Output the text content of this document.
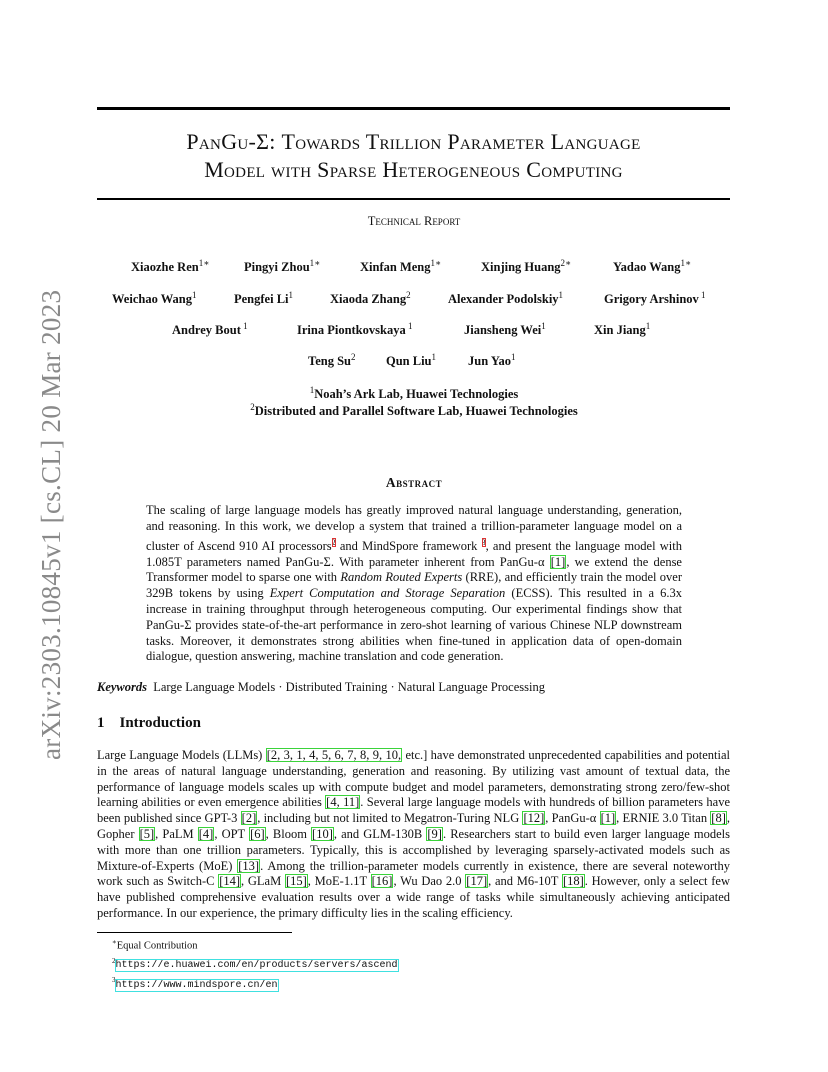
arXiv:2303.10845v1 [cs.CL] 20 Mar 2023
PanGu-Σ: Towards Trillion Parameter Language
Model with Sparse Heterogeneous Computing
Technical Report
Xiaozhe Ren$^{1∗}$	Pingyi Zhou$^{1∗}$	Xinfan Meng$^{1∗}$	Xinjing Huang$^{2∗}$	Yadao Wang$^{1∗}$
Weichao Wang$^1$	Pengfei Li$^1$	Xiaoda Zhang$^2$	Alexander Podolskiy$^1$	Grigory Arshinov $^1$
Andrey Bout $^1$	Irina Piontkovskaya $^1$	Jiansheng Wei$^1$	Xin Jiang$^1$
Teng Su$^2$ Qun Liu$^1$	Jun Yao$^1$
$^1$Noah’s Ark Lab, Huawei Technologies
$^2$Distributed and Parallel Software Lab, Huawei Technologies
Abstract
The scaling of large language models has greatly improved natural language understanding, generation, and reasoning. In this work, we develop a system that trained a trillion-parameter language model on a cluster of Ascend 910 AI processors$^2$ and MindSpore framework $^3$, and present the language model with 1.085T parameters named PanGu-Σ. With parameter inherent from PanGu-α [1], we extend the dense Transformer model to sparse one with Random Routed Experts (RRE), and efficiently train the model over 329B tokens by using Expert Computation and Storage Separation (ECSS). This resulted in a 6.3x increase in training throughput through heterogeneous computing. Our experimental findings show that PanGu-Σ provides state-of-the-art performance in zero-shot learning of various Chinese NLP downstream tasks. Moreover, it demonstrates strong abilities when fine-tuned in application data of open-domain dialogue, question answering, machine translation and code generation.
Keywords Large Language Models · Distributed Training · Natural Language Processing
1 Introduction
Large Language Models (LLMs) [2, 3, 1, 4, 5, 6, 7, 8, 9, 10, etc.] have demonstrated unprecedented capabilities and potential in the areas of natural language understanding, generation and reasoning. By utilizing vast amount of textual data, the performance of language models scales up with compute budget and model parameters, demonstrating strong zero/few-shot learning abilities or even emergence abilities [4, 11]. Several large language models with hundreds of billion parameters have been published since GPT-3 [2], including but not limited to Megatron-Turing NLG [12], PanGu-α [1], ERNIE 3.0 Titan [8], Gopher [5], PaLM [4], OPT [6], Bloom [10], and GLM-130B [9]. Researchers start to build even larger language models with more than one trillion parameters. Typically, this is accomplished by leveraging sparsely-activated models such as Mixture-of-Experts (MoE) [13]. Among the trillion-parameter models currently in existence, there are several noteworthy work such as Switch-C [14], GLaM [15], MoE-1.1T [16], Wu Dao 2.0 [17], and M6-10T [18]. However, only a select few have published comprehensive evaluation results over a wide range of tasks while simultaneously achieving anticipated performance. In our experience, the primary difficulty lies in the scaling efficiency.
∗Equal Contribution
$^2$https://e.huawei.com/en/products/servers/ascend
$^3$https://www.mindspore.cn/en
